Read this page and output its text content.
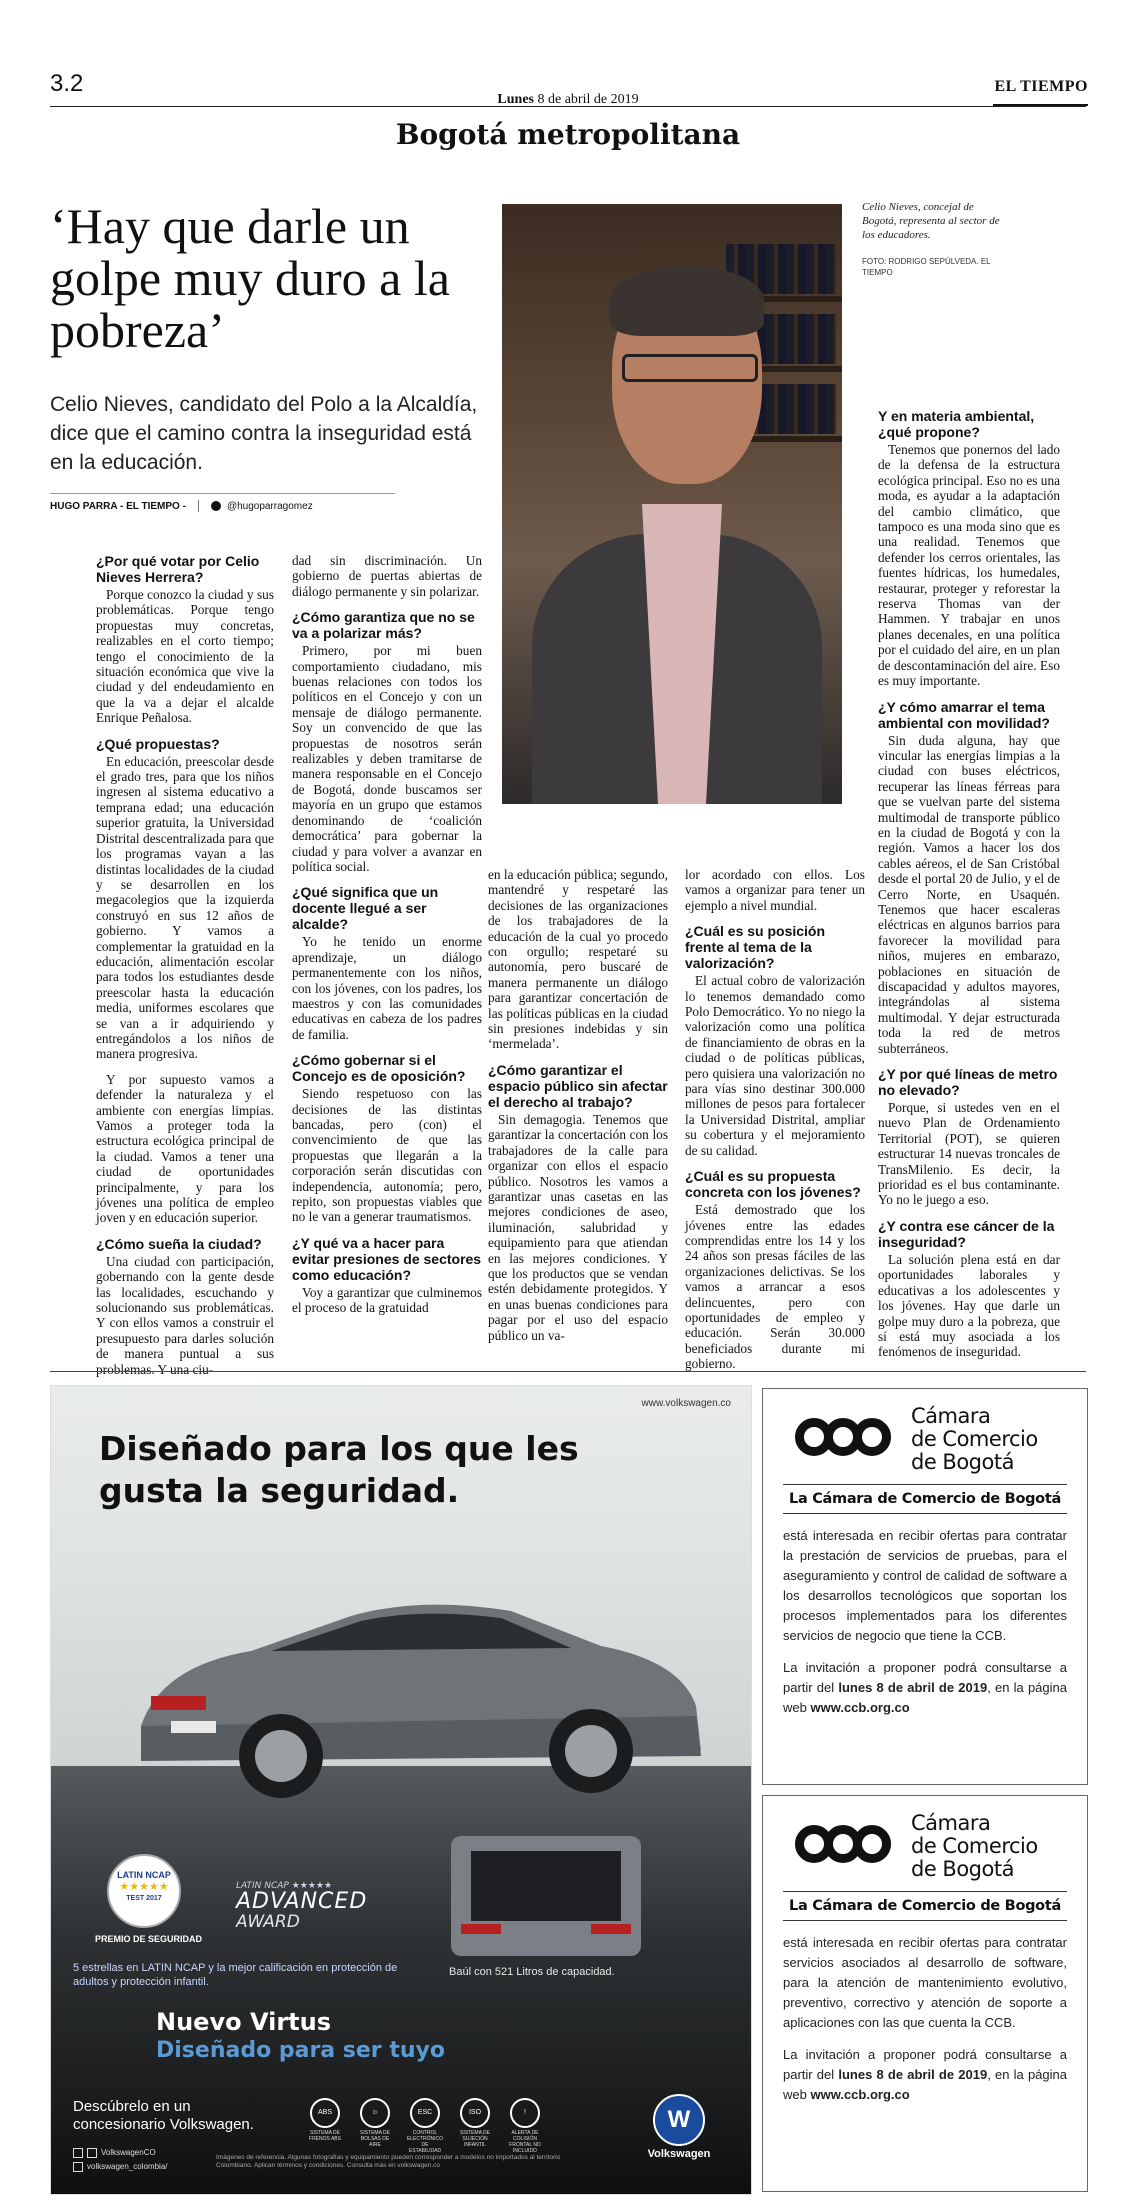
3.2
Lunes 8 de abril de 2019
EL TIEMPO
Bogotá metropolitana
‘Hay que darle un golpe muy duro a la pobreza’
Celio Nieves, candidato del Polo a la Alcaldía, dice que el camino contra la inseguridad está en la educación.
HUGO PARRA - EL TIEMPO -	@hugoparragomez
Celio Nieves, concejal de Bogotá, representa al sector de los educadores.
FOTO: RODRIGO SEPÚLVEDA. EL TIEMPO
¿Por qué votar por Celio Nieves Herrera?

Porque conozco la ciudad y sus problemáticas. Porque tengo propuestas muy concretas, realizables en el corto tiempo; tengo el conocimiento de la situación económica que vive la ciudad y del endeudamiento en que la va a dejar el alcalde Enrique Peñalosa.

¿Qué propuestas?

En educación, preescolar desde el grado tres, para que los niños ingresen al sistema educativo a temprana edad; una educación superior gratuita, la Universidad Distrital descentralizada para que los programas vayan a las distintas localidades de la ciudad y se desarrollen en los megacolegios que la izquierda construyó en sus 12 años de gobierno. Y vamos a complementar la gratuidad en la educación, alimentación escolar para todos los estudiantes desde preescolar hasta la educación media, uniformes escolares que se van a ir adquiriendo y entregándolos a los niños de manera progresiva.

Y por supuesto vamos a defender la naturaleza y el ambiente con energías limpias. Vamos a proteger toda la estructura ecológica principal de la ciudad. Vamos a tener una ciudad de oportunidades principalmente, y para los jóvenes una política de empleo joven y en educación superior.

¿Cómo sueña la ciudad?

Una ciudad con participación, gobernando con la gente desde las localidades, escuchando y solucionando sus problemáticas. Y con ellos vamos a construir el presupuesto para darles solución de manera puntual a sus problemas. Y una ciu-

dad sin discriminación. Un gobierno de puertas abiertas de diálogo permanente y sin polarizar.

¿Cómo garantiza que no se va a polarizar más?

Primero, por mi buen comportamiento ciudadano, mis buenas relaciones con todos los políticos en el Concejo y con un mensaje de diálogo permanente. Soy un convencido de que las propuestas de nosotros serán realizables y deben tramitarse de manera responsable en el Concejo de Bogotá, donde buscamos ser mayoría en un grupo que estamos denominando de ‘coalición democrática’ para gobernar la ciudad y para volver a avanzar en política social.

¿Qué significa que un docente llegué a ser alcalde?

Yo he tenido un enorme aprendizaje, un diálogo permanentemente con los niños, con los jóvenes, con los padres, los maestros y con las comunidades educativas en cabeza de los padres de familia.

¿Cómo gobernar si el Concejo es de oposición?

Siendo respetuoso con las decisiones de las distintas bancadas, pero (con) el convencimiento de que las propuestas que llegarán a la corporación serán discutidas con independencia, autonomía; pero, repito, son propuestas viables que no le van a generar traumatismos.

¿Y qué va a hacer para evitar presiones de sectores como educación?

Voy a garantizar que culminemos el proceso de la gratuidad

en la educación pública; segundo, mantendré y respetaré las decisiones de las organizaciones de los trabajadores de la educación de la cual yo procedo con orgullo; respetaré su autonomía, pero buscaré de manera permanente un diálogo para garantizar concertación de las políticas públicas en la ciudad sin presiones indebidas y sin ‘mermelada’.

¿Cómo garantizar el espacio público sin afectar el derecho al trabajo?

Sin demagogia. Tenemos que garantizar la concertación con los trabajadores de la calle para organizar con ellos el espacio público. Nosotros les vamos a garantizar unas casetas en las mejores condiciones de aseo, iluminación, salubridad y equipamiento para que atiendan en las mejores condiciones. Y que los productos que se vendan estén debidamente protegidos. Y en unas buenas condiciones para pagar por el uso del espacio público un va-

lor acordado con ellos. Los vamos a organizar para tener un ejemplo a nivel mundial.

¿Cuál es su posición frente al tema de la valorización?

El actual cobro de valorización lo tenemos demandado como Polo Democrático. Yo no niego la valorización como una política de financiamiento de obras en la ciudad o de políticas públicas, pero quisiera una valorización no para vías sino destinar 300.000 millones de pesos para fortalecer la Universidad Distrital, ampliar su cobertura y el mejoramiento de su calidad.

¿Cuál es su propuesta concreta con los jóvenes?

Está demostrado que los jóvenes entre las edades comprendidas entre los 14 y los 24 años son presas fáciles de las organizaciones delictivas. Se los vamos a arrancar a esos delincuentes, pero con oportunidades de empleo y educación. Serán 30.000 beneficiados durante mi gobierno.

Y en materia ambiental, ¿qué propone?

Tenemos que ponernos del lado de la defensa de la estructura ecológica principal. Eso no es una moda, es ayudar a la adaptación del cambio climático, que tampoco es una moda sino que es una realidad. Tenemos que defender los cerros orientales, las fuentes hídricas, los humedales, restaurar, proteger y reforestar la reserva Thomas van der Hammen. Y trabajar en unos planes decenales, en una política por el cuidado del aire, en un plan de descontaminación del aire. Eso es muy importante.

¿Y cómo amarrar el tema ambiental con movilidad?

Sin duda alguna, hay que vincular las energías limpias a la ciudad con buses eléctricos, recuperar las líneas férreas para que se vuelvan parte del sistema multimodal de transporte público en la ciudad de Bogotá y con la región. Vamos a hacer los dos cables aéreos, el de San Cristóbal desde el portal 20 de Julio, y el de Cerro Norte, en Usaquén. Tenemos que hacer escaleras eléctricas en algunos barrios para favorecer la movilidad para niños, mujeres en embarazo, poblaciones en situación de discapacidad y adultos mayores, integrándolas al sistema multimodal. Y dejar estructurada toda la red de metros subterráneos.

¿Y por qué líneas de metro no elevado?

Porque, si ustedes ven en el nuevo Plan de Ordenamiento Territorial (POT), se quieren estructurar 14 nuevas troncales de TransMilenio. Es decir, la prioridad es el bus contaminante. Yo no le juego a eso.

¿Y contra ese cáncer de la inseguridad?

La solución plena está en dar oportunidades laborales y educativas a los adolescentes y los jóvenes. Hay que darle un golpe muy duro a la pobreza, que sí está muy asociada a los fenómenos de inseguridad.

www.volkswagen.co
Diseñado para los que les gusta la seguridad.
LATIN NCAP
★★★★★
TEST 2017
PREMIO DE SEGURIDAD
LATIN NCAP ★★★★★
ADVANCED
AWARD
5 estrellas en LATIN NCAP y la mejor calificación en protección de adultos y protección infantil.
Baúl con 521 Litros de capacidad.
Nuevo Virtus
Diseñado para ser tuyo
Descúbrelo en un concesionario Volkswagen.
ABS
SISTEMA DE FRENOS ABS
☺
SISTEMA DE BOLSAS DE AIRE
ESC
CONTROL ELECTRÓNICO DE ESTABILIDAD
ISO
SISTEMA DE SUJECIÓN INFANTIL
!
ALERTA DE COLISIÓN FRONTAL NO INCLUIDO
W
Volkswagen
VolkswagenCO
volkswagen_colombia/
Imágenes de referencia. Algunas fotografías y equipamiento pueden corresponder a modelos no importados al territorio Colombiano. Aplican términos y condiciones. Consulta más en volkswagen.co
Cámara
de Comercio
de Bogotá
La Cámara de Comercio de Bogotá
está interesada en recibir ofertas para contratar la prestación de servicios de pruebas, para el aseguramiento y control de calidad de software a los desarrollos tecnológicos que soportan los procesos implementados para los diferentes servicios de negocio que tiene la CCB.
La invitación a proponer podrá consultarse a partir del lunes 8 de abril de 2019, en la página web www.ccb.org.co
Cámara
de Comercio
de Bogotá
La Cámara de Comercio de Bogotá
está interesada en recibir ofertas para contratar servicios asociados al desarrollo de software, para la atención de mantenimiento evolutivo, preventivo, correctivo y atención de soporte a aplicaciones con las que cuenta la CCB.
La invitación a proponer podrá consultarse a partir del lunes 8 de abril de 2019, en la página web www.ccb.org.co
